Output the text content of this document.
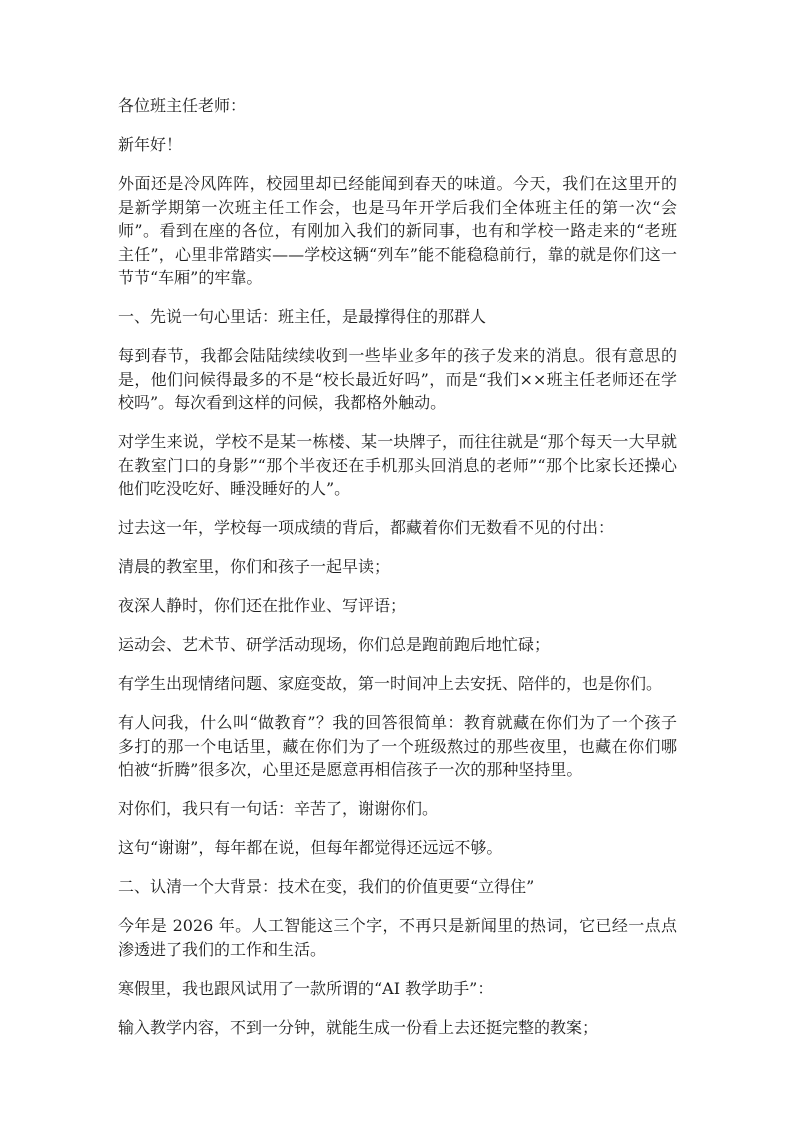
各位班主任老师：

新年好！

外面还是冷风阵阵，校园里却已经能闻到春天的味道。今天，我们在这里开的是新学期第一次班主任工作会，也是马年开学后我们全体班主任的第一次“会师”。看到在座的各位，有刚加入我们的新同事，也有和学校一路走来的“老班主任”，心里非常踏实——学校这辆“列车”能不能稳稳前行，靠的就是你们这一节节“车厢”的牢靠。

一、先说一句心里话：班主任，是最撑得住的那群人

每到春节，我都会陆陆续续收到一些毕业多年的孩子发来的消息。很有意思的是，他们问候得最多的不是“校长最近好吗”，而是“我们××班主任老师还在学校吗”。每次看到这样的问候，我都格外触动。

对学生来说，学校不是某一栋楼、某一块牌子，而往往就是“那个每天一大早就在教室门口的身影”“那个半夜还在手机那头回消息的老师”“那个比家长还操心他们吃没吃好、睡没睡好的人”。

过去这一年，学校每一项成绩的背后，都藏着你们无数看不见的付出：

清晨的教室里，你们和孩子一起早读；

夜深人静时，你们还在批作业、写评语；

运动会、艺术节、研学活动现场，你们总是跑前跑后地忙碌；

有学生出现情绪问题、家庭变故，第一时间冲上去安抚、陪伴的，也是你们。

有人问我，什么叫“做教育”？我的回答很简单：教育就藏在你们为了一个孩子多打的那一个电话里，藏在你们为了一个班级熬过的那些夜里，也藏在你们哪怕被“折腾”很多次，心里还是愿意再相信孩子一次的那种坚持里。

对你们，我只有一句话：辛苦了，谢谢你们。

这句“谢谢”，每年都在说，但每年都觉得还远远不够。

二、认清一个大背景：技术在变，我们的价值更要“立得住”

今年是 2026 年。人工智能这三个字，不再只是新闻里的热词，它已经一点点渗透进了我们的工作和生活。

寒假里，我也跟风试用了一款所谓的“AI 教学助手”：

输入教学内容，不到一分钟，就能生成一份看上去还挺完整的教案；
